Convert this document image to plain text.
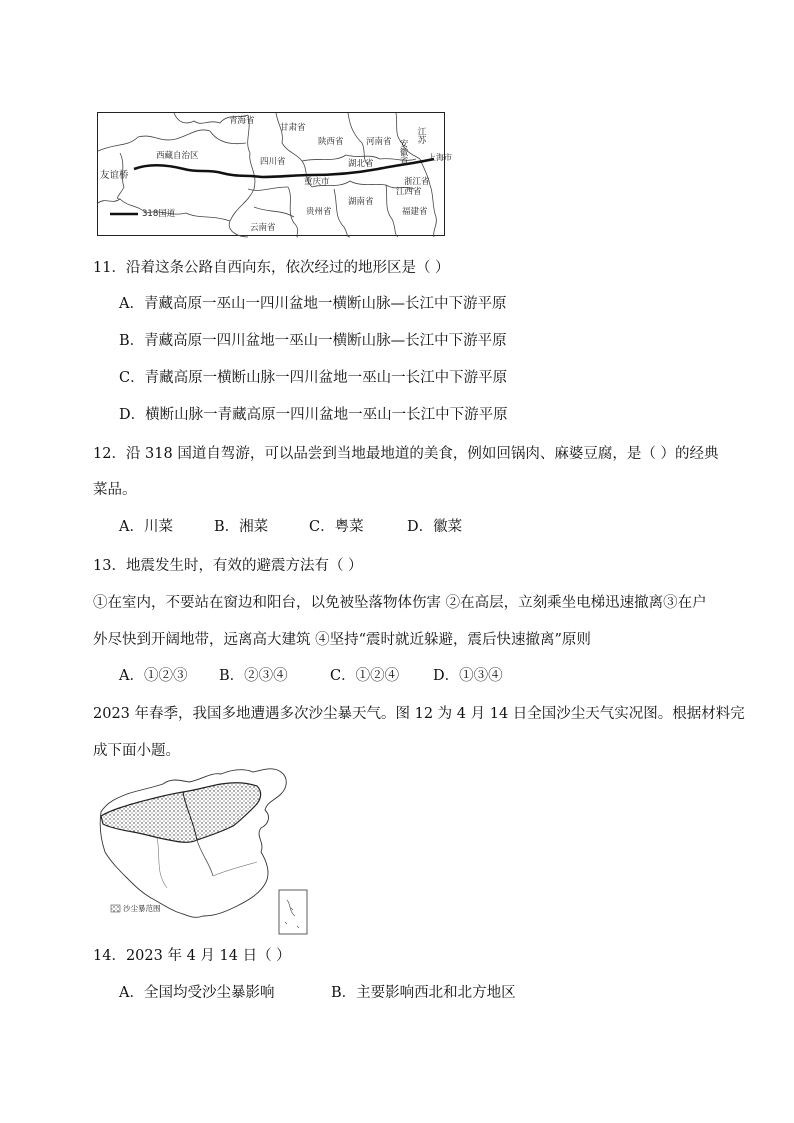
青海省
甘肃省
陕西省	河南省	江苏
西藏自治区
四川省	湖北省	安徽省	上海市
友谊桥
重庆市	浙江省
江西省
湖南省
贵州省	福建省
云南省
318国道
11．沿着这条公路自西向东，依次经过的地形区是（ ）
A．青藏高原一巫山一四川盆地一横断山脉—长江中下游平原
B．青藏高原一四川盆地一巫山一横断山脉—长江中下游平原
C．青藏高原一横断山脉一四川盆地一巫山一长江中下游平原
D．横断山脉一青藏高原一四川盆地一巫山一长江中下游平原
12．沿 318 国道自驾游，可以品尝到当地最地道的美食，例如回锅肉、麻婆豆腐，是（ ）的经典
菜品。
A．川菜	B．湘菜	C．粤菜	D．徽菜
13．地震发生时，有效的避震方法有（ ）
①在室内，不要站在窗边和阳台，以免被坠落物体伤害 ②在高层，立刻乘坐电梯迅速撤离③在户
外尽快到开阔地带，远离高大建筑 ④坚持“震时就近躲避，震后快速撤离”原则
A．①②③ B．②③④	C．①②④ D．①③④
2023 年春季，我国多地遭遇多次沙尘暴天气。图 12 为 4 月 14 日全国沙尘天气实况图。根据材料完
成下面小题。
沙尘暴范围
14．2023 年 4 月 14 日（ ）
A．全国均受沙尘暴影响	B．主要影响西北和北方地区
